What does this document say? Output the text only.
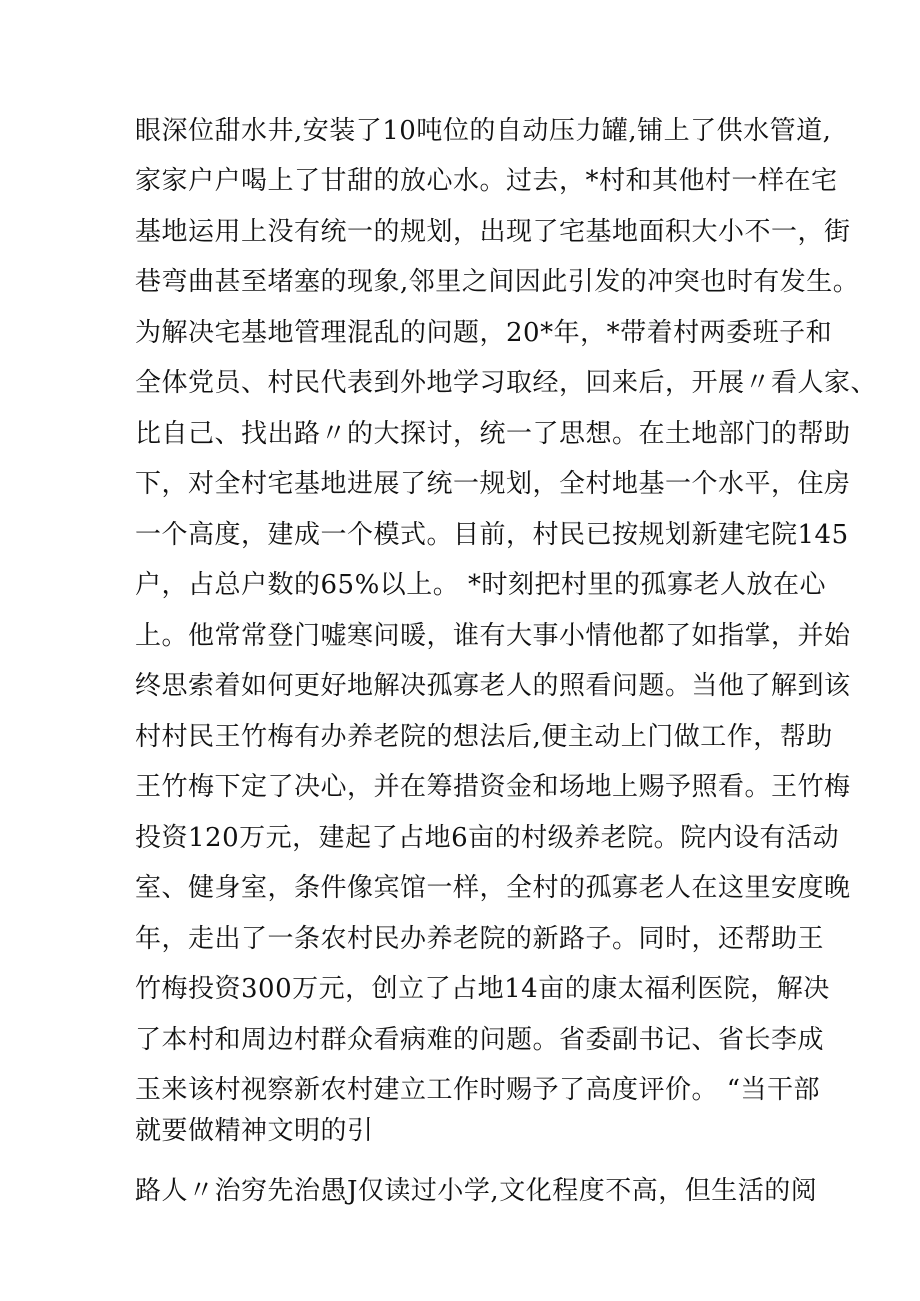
眼深位甜水井,安装了10吨位的自动压力罐,铺上了供水管道,
家家户户喝上了甘甜的放心水。过去，*村和其他村一样在宅
基地运用上没有统一的规划，出现了宅基地面积大小不一，街
巷弯曲甚至堵塞的现象,邻里之间因此引发的冲突也时有发生。
为解决宅基地管理混乱的问题，20*年，*带着村两委班子和
全体党员、村民代表到外地学习取经，回来后，开展〃看人家、
比自己、找出路〃的大探讨，统一了思想。在土地部门的帮助
下，对全村宅基地进展了统一规划，全村地基一个水平，住房
一个高度，建成一个模式。目前，村民已按规划新建宅院145
户，占总户数的65%以上。 *时刻把村里的孤寡老人放在心
上。他常常登门嘘寒问暖，谁有大事小情他都了如指掌，并始
终思索着如何更好地解决孤寡老人的照看问题。当他了解到该
村村民王竹梅有办养老院的想法后,便主动上门做工作，帮助
王竹梅下定了决心，并在筹措资金和场地上赐予照看。王竹梅
投资120万元，建起了占地6亩的村级养老院。院内设有活动
室、健身室，条件像宾馆一样，全村的孤寡老人在这里安度晚
年，走出了一条农村民办养老院的新路子。同时，还帮助王
竹梅投资300万元，创立了占地14亩的康太福利医院，解决
了本村和周边村群众看病难的问题。省委副书记、省长李成
玉来该村视察新农村建立工作时赐予了高度评价。 “当干部
就要做精神文明的引
路人〃治穷先治愚J仅读过小学,文化程度不高，但生活的阅
